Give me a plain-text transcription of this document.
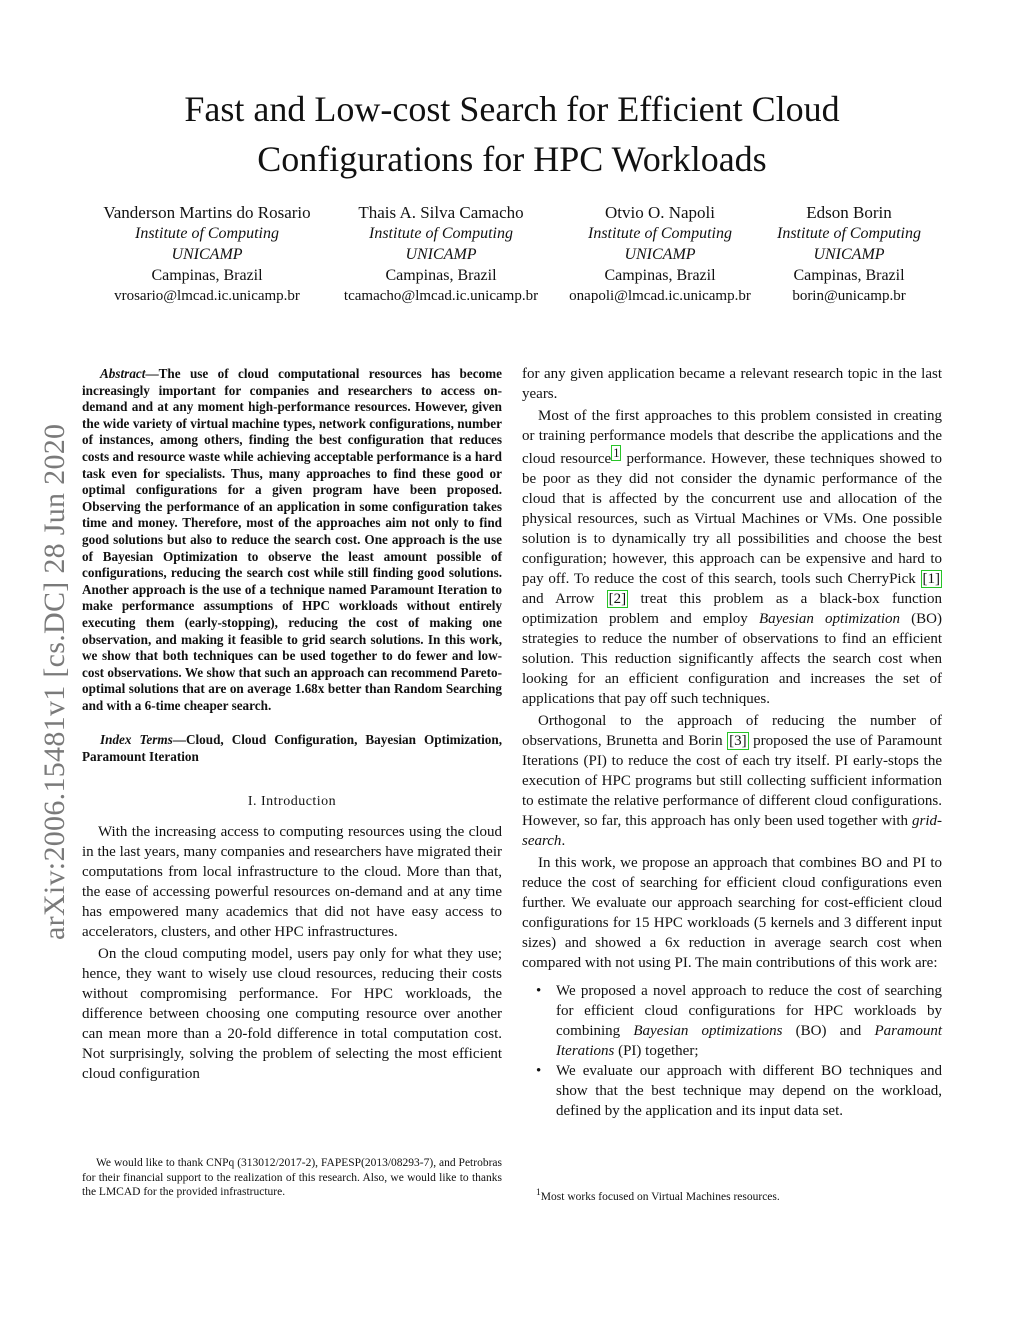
arXiv:2006.15481v1 [cs.DC] 28 Jun 2020
Fast and Low-cost Search for Efficient Cloud
Configurations for HPC Workloads
Vanderson Martins do Rosario
Institute of Computing
UNICAMP
Campinas, Brazil
vrosario@lmcad.ic.unicamp.br
Thais A. Silva Camacho
Institute of Computing
UNICAMP
Campinas, Brazil
tcamacho@lmcad.ic.unicamp.br
Otvio O. Napoli
Institute of Computing
UNICAMP
Campinas, Brazil
onapoli@lmcad.ic.unicamp.br
Edson Borin
Institute of Computing
UNICAMP
Campinas, Brazil
borin@unicamp.br

Abstract—The use of cloud computational resources has become increasingly important for companies and researchers to access on-demand and at any moment high-performance resources. However, given the wide variety of virtual machine types, network configurations, number of instances, among others, finding the best configuration that reduces costs and resource waste while achieving acceptable performance is a hard task even for specialists. Thus, many approaches to find these good or optimal configurations for a given program have been proposed. Observing the performance of an application in some configuration takes time and money. Therefore, most of the approaches aim not only to find good solutions but also to reduce the search cost. One approach is the use of Bayesian Optimization to observe the least amount possible of configurations, reducing the search cost while still finding good solutions. Another approach is the use of a technique named Paramount Iteration to make performance assumptions of HPC workloads without entirely executing them (early-stopping), reducing the cost of making one observation, and making it feasible to grid search solutions. In this work, we show that both techniques can be used together to do fewer and low-cost observations. We show that such an approach can recommend Pareto-optimal solutions that are on average 1.68x better than Random Searching and with a 6-time cheaper search.

Index Terms—Cloud, Cloud Configuration, Bayesian Optimization, Paramount Iteration

I. Introduction

With the increasing access to computing resources using the cloud in the last years, many companies and researchers have migrated their computations from local infrastructure to the cloud. More than that, the ease of accessing powerful resources on-demand and at any time has empowered many academics that did not have easy access to accelerators, clusters, and other HPC infrastructures.

On the cloud computing model, users pay only for what they use; hence, they want to wisely use cloud resources, reducing their costs without compromising performance. For HPC workloads, the difference between choosing one computing resource over another can mean more than a 20-fold difference in total computation cost. Not surprisingly, solving the problem of selecting the most efficient cloud configuration

We would like to thank CNPq (313012/2017-2), FAPESP(2013/08293-7), and Petrobras for their financial support to the realization of this research. Also, we would like to thanks the LMCAD for the provided infrastructure.

for any given application became a relevant research topic in the last years.

Most of the first approaches to this problem consisted in creating or training performance models that describe the applications and the cloud resource $^1$ performance. However, these techniques showed to be poor as they did not consider the dynamic performance of the cloud that is affected by the concurrent use and allocation of the physical resources, such as Virtual Machines or VMs. One possible solution is to dynamically try all possibilities and choose the best configuration; however, this approach can be expensive and hard to pay off. To reduce the cost of this search, tools such CherryPick [1] and Arrow [2] treat this problem as a black-box function optimization problem and employ Bayesian optimization (BO) strategies to reduce the number of observations to find an efficient solution. This reduction significantly affects the search cost when looking for an efficient configuration and increases the set of applications that pay off such techniques.

Orthogonal to the approach of reducing the number of observations, Brunetta and Borin [3] proposed the use of Paramount Iterations (PI) to reduce the cost of each try itself. PI early-stops the execution of HPC programs but still collecting sufficient information to estimate the relative performance of different cloud configurations. However, so far, this approach has only been used together with grid-search.

In this work, we propose an approach that combines BO and PI to reduce the cost of searching for efficient cloud configurations even further. We evaluate our approach searching for cost-efficient cloud configurations for 15 HPC workloads (5 kernels and 3 different input sizes) and showed a 6x reduction in average search cost when compared with not using PI. The main contributions of this work are:

• We proposed a novel approach to reduce the cost of searching for efficient cloud configurations for HPC workloads by combining Bayesian optimizations (BO) and Paramount Iterations (PI) together;
• We evaluate our approach with different BO techniques and show that the best technique may depend on the workload, defined by the application and its input data set.
$^1$Most works focused on Virtual Machines resources.
